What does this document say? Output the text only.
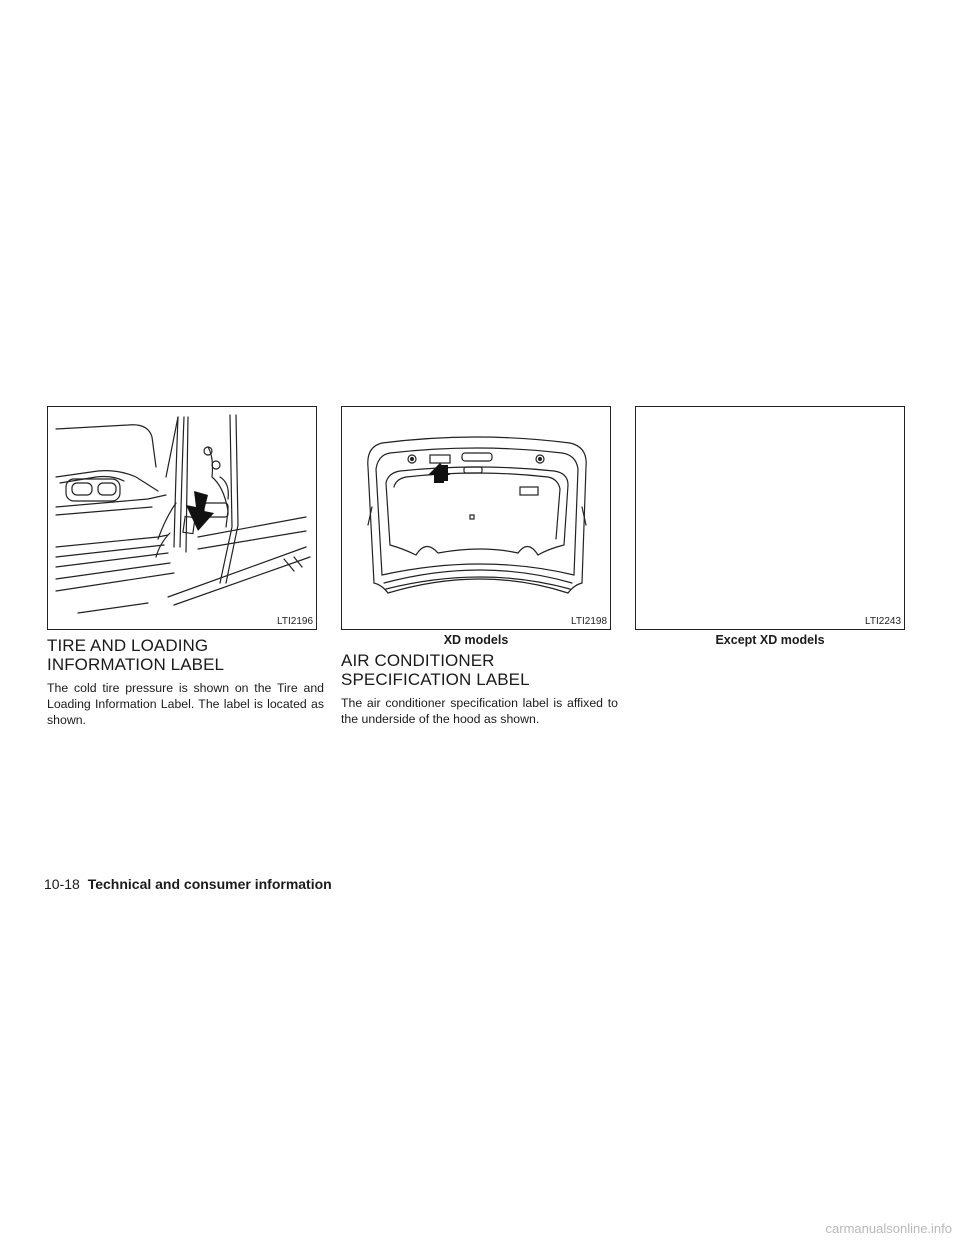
LTI2196	LTI2198	LTI2243
XD models	Except XD models
TIRE AND LOADING INFORMATION LABEL

The cold tire pressure is shown on the Tire and Loading Information Label. The label is located as shown.

AIR CONDITIONER SPECIFICATION LABEL

The air conditioner specification label is affixed to the underside of the hood as shown.

10-18 Technical and consumer information
carmanualsonline.info
